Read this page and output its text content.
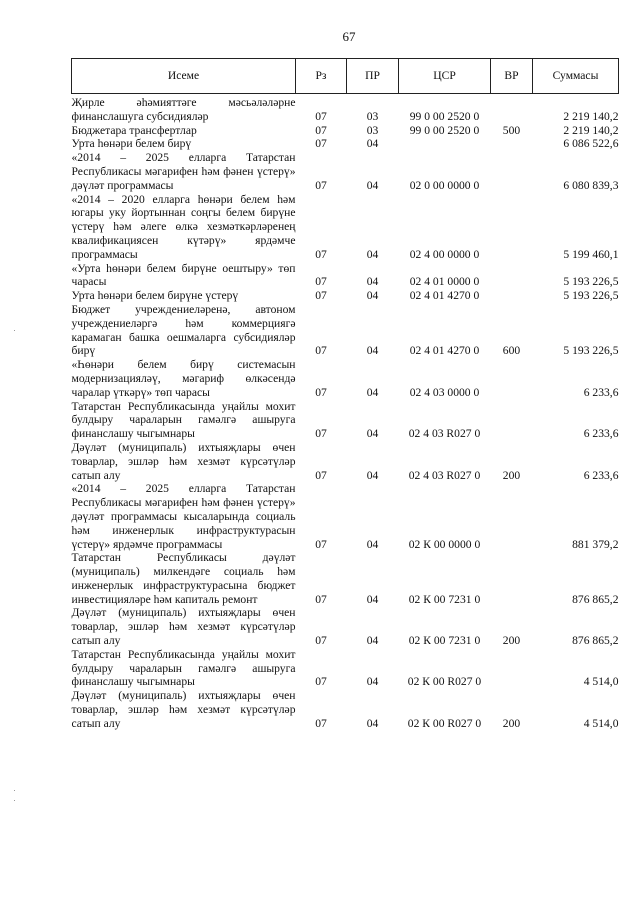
67
Исеме	Рз	ПР	ЦСР	ВР	Суммасы
Җирле әһәмияттәге мәсьәләләрне финанслашуга субсидияләр	07	03	99 0 00 2520 0		2 219 140,2
Бюджетара трансфертлар	07	03	99 0 00 2520 0	500	2 219 140,2
Урта һөнәри белем бирү	07	04			6 086 522,6
«2014 – 2025 елларга Татарстан Республикасы мәгарифен һәм фәнен үстерү» дәүләт программасы	07	04	02 0 00 0000 0		6 080 839,3
«2014 – 2020 елларга һөнәри белем һәм югары уку йортыннан соңгы белем бирүне үстерү һәм әлеге өлкә хезмәткәрләренең квалификациясен күтәрү» ярдәмче программасы	07	04	02 4 00 0000 0		5 199 460,1
«Урта һөнәри белем бирүне оештыру» төп чарасы	07	04	02 4 01 0000 0		5 193 226,5
Урта һөнәри белем бирүне үстерү	07	04	02 4 01 4270 0		5 193 226,5
Бюджет учреждениеләренә, автоном учреждениеләргә һәм коммерциягә карамаган башка оешмаларга субсидияләр бирү	07	04	02 4 01 4270 0	600	5 193 226,5
«Һөнәри белем бирү системасын модернизацияләү, мәгариф өлкәсендә чаралар үткәрү» төп чарасы	07	04	02 4 03 0000 0		6 233,6
Татарстан Республикасында уңайлы мохит булдыру чараларын гамәлгә ашыруга финанслашу чыгымнары	07	04	02 4 03 R027 0		6 233,6
Дәүләт (муниципаль) ихтыяҗлары өчен товарлар, эшләр һәм хезмәт күрсәтүләр сатып алу	07	04	02 4 03 R027 0	200	6 233,6
«2014 – 2025 елларга Татарстан Республикасы мәгарифен һәм фәнен үстерү» дәүләт программасы кысаларында социаль һәм инженерлык инфраструктурасын үстерү» ярдәмче программасы	07	04	02 К 00 0000 0		881 379,2
Татарстан Республикасы дәүләт (муниципаль) милкендәге социаль һәм инженерлык инфраструктурасына бюджет инвестицияләре һәм капиталь ремонт	07	04	02 К 00 7231 0		876 865,2
Дәүләт (муниципаль) ихтыяҗлары өчен товарлар, эшләр һәм хезмәт күрсәтүләр сатып алу	07	04	02 К 00 7231 0	200	876 865,2
Татарстан Республикасында уңайлы мохит булдыру чараларын гамәлгә ашыруга финанслашу чыгымнары	07	04	02 К 00 R027 0		4 514,0
Дәүләт (муниципаль) ихтыяҗлары өчен товарлар, эшләр һәм хезмәт күрсәтүләр сатып алу	07	04	02 К 00 R027 0	200	4 514,0
